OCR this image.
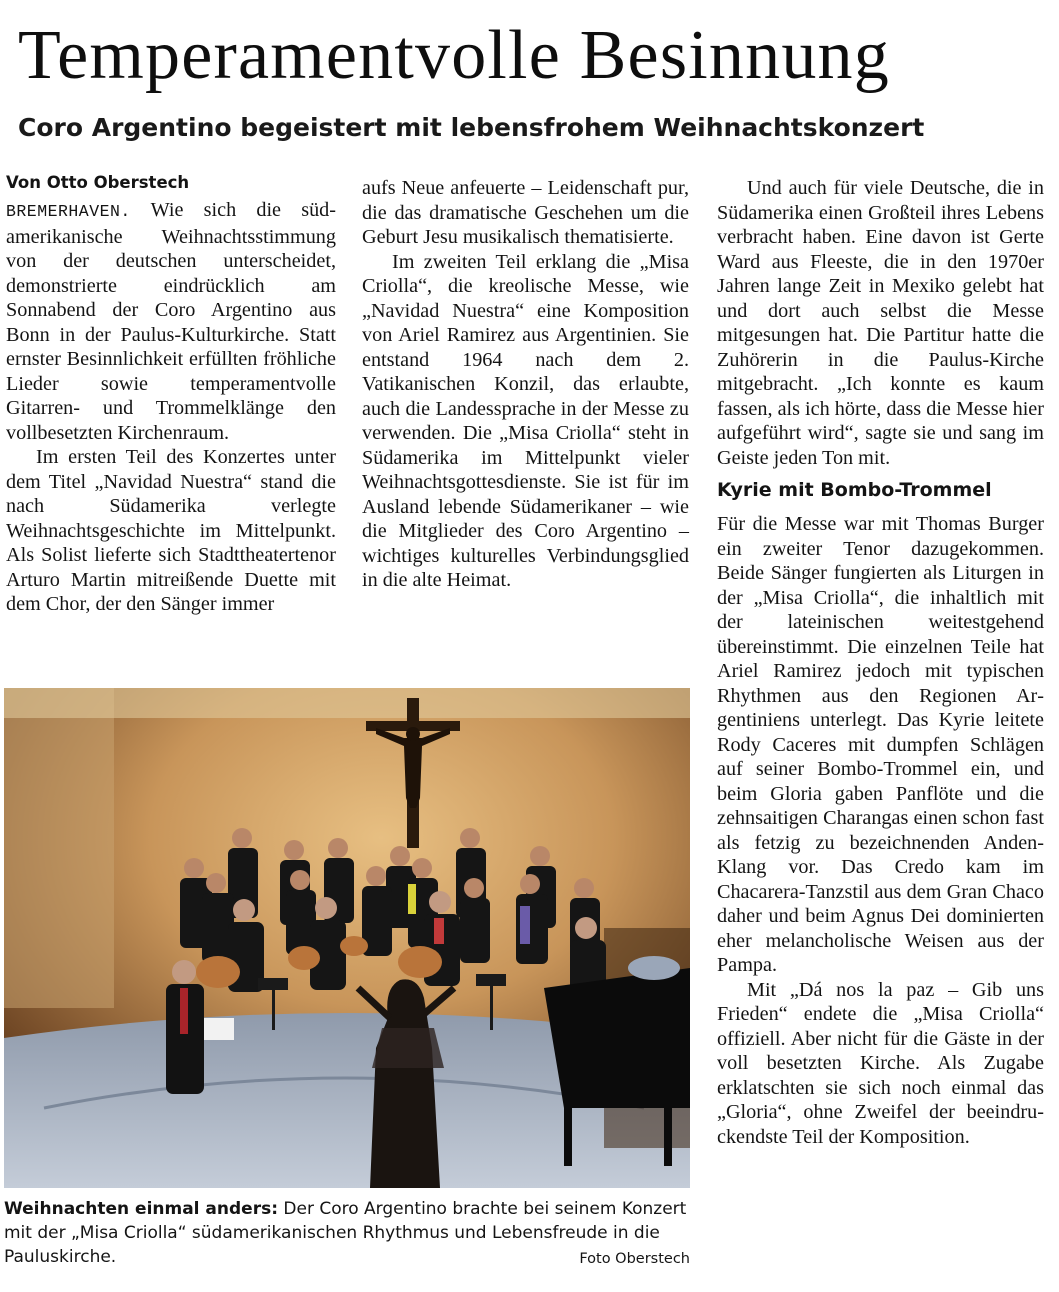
Temperamentvolle Besinnung
Coro Argentino begeistert mit lebensfrohem Weihnachtskonzert
Von Otto Oberstech

BREMERHAVEN. Wie sich die südamerikanische Weihnachtsstimmung von der deutschen unterscheidet, demonstrierte eindrücklich am Sonnabend der Coro Argentino aus Bonn in der Paulus-Kulturkirche. Statt ernster Besinnlichkeit erfüllten fröhliche Lieder sowie temperamentvolle Gitarren- und Trommelklänge den vollbesetzten Kirchenraum.

Im ersten Teil des Konzertes unter dem Titel „Navidad Nuestra“ stand die nach Südamerika verlegte Weihnachtsgeschichte im Mittelpunkt. Als Solist lieferte sich Stadttheatertenor Arturo Martin mitreißende Duette mit dem Chor, der den Sänger immer

aufs Neue anfeuerte – Leidenschaft pur, die das dramatische Geschehen um die Geburt Jesu musikalisch thematisierte.

Im zweiten Teil erklang die „Misa Criolla“, die kreolische Messe, wie „Navidad Nuestra“ eine Komposition von Ariel Ramirez aus Argentinien. Sie entstand 1964 nach dem 2. Vatikanischen Konzil, das erlaubte, auch die Landessprache in der Messe zu verwenden. Die „Misa Criolla“ steht in Südamerika im Mittelpunkt vieler Weihnachtsgottesdienste. Sie ist für im Ausland lebende Südamerikaner – wie die Mitglieder des Coro Argentino – wichtiges kulturelles Verbindungsglied in die alte Heimat.

Und auch für viele Deutsche, die in Südamerika einen Großteil ihres Lebens verbracht haben. Eine davon ist Gerte Ward aus Fleeste, die in den 1970er Jahren lange Zeit in Mexiko gelebt hat und dort auch selbst die Messe mitgesungen hat. Die Partitur hatte die Zuhörerin in die Paulus-Kirche mitgebracht. „Ich konnte es kaum fassen, als ich hörte, dass die Messe hier aufgeführt wird“, sagte sie und sang im Geiste jeden Ton mit.

Kyrie mit Bombo-Trommel

Für die Messe war mit Thomas Burger ein zweiter Tenor dazugekommen. Beide Sänger fungierten als Liturgen in der „Misa Criolla“, die inhaltlich mit der lateinischen weitestgehend übereinstimmt. Die einzelnen Teile hat Ariel Ramirez jedoch mit typischen Rhythmen aus den Regionen Argentiniens unterlegt. Das Kyrie leitete Rody Caceres mit dumpfen Schlägen auf seiner Bombo-Trommel ein, und beim Gloria gaben Panflöte und die zehnsaitigen Charangas einen schon fast als fetzig zu bezeichnenden Anden-Klang vor. Das Credo kam im Chacarera-Tanzstil aus dem Gran Chaco daher und beim Agnus Dei dominierten eher melancholische Weisen aus der Pampa.

Mit „Dá nos la paz – Gib uns Frieden“ endete die „Misa Criolla“ offiziell. Aber nicht für die Gäste in der voll besetzten Kirche. Als Zugabe erklatschten sie sich noch einmal das „Gloria“, ohne Zweifel der beeindruckendste Teil der Komposition.

Weihnachten einmal anders: Der Coro Argentino brachte bei seinem Konzert mit der „Misa Criolla“ südamerikanischen Rhythmus und Lebensfreude in die Pauluskirche.	Foto Oberstech
